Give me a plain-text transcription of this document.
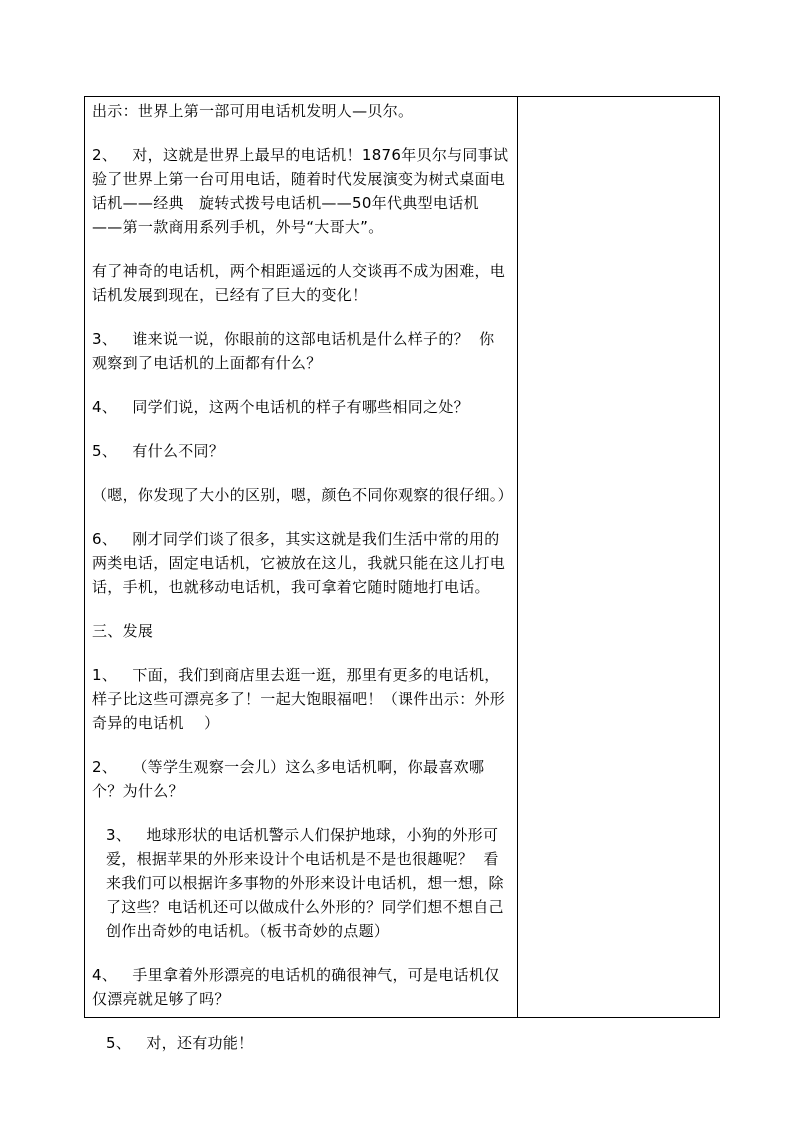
出示：世界上第一部可用电话机发明人—贝尔。

2、   对，这就是世界上最早的电话机！1876年贝尔与同事试验了世界上第一台可用电话，随着时代发展演变为树式桌面电话机——经典   旋转式拨号电话机——50年代典型电话机——第一款商用系列手机，外号“大哥大”。

有了神奇的电话机，两个相距遥远的人交谈再不成为困难，电话机发展到现在，已经有了巨大的变化！

3、   谁来说一说，你眼前的这部电话机是什么样子的？  你观察到了电话机的上面都有什么？

4、   同学们说，这两个电话机的样子有哪些相同之处？

5、   有什么不同？

（嗯，你发现了大小的区别，嗯，颜色不同你观察的很仔细。）

6、   刚才同学们谈了很多，其实这就是我们生活中常的用的两类电话，固定电话机，它被放在这儿，我就只能在这儿打电话，手机，也就移动电话机，我可拿着它随时随地打电话。

三、发展

1、   下面，我们到商店里去逛一逛，那里有更多的电话机，样子比这些可漂亮多了！一起大饱眼福吧！（课件出示：外形奇异的电话机    ）

2、   （等学生观察一会儿）这么多电话机啊，你最喜欢哪个？为什么？

3、   地球形状的电话机警示人们保护地球，小狗的外形可爱，根据苹果的外形来设计个电话机是不是也很趣呢？  看来我们可以根据许多事物的外形来设计电话机，想一想，除了这些？电话机还可以做成什么外形的？同学们想不想自己创作出奇妙的电话机。（板书奇妙的点题）

4、   手里拿着外形漂亮的电话机的确很神气，可是电话机仅仅漂亮就足够了吗？

5、   对，还有功能！
